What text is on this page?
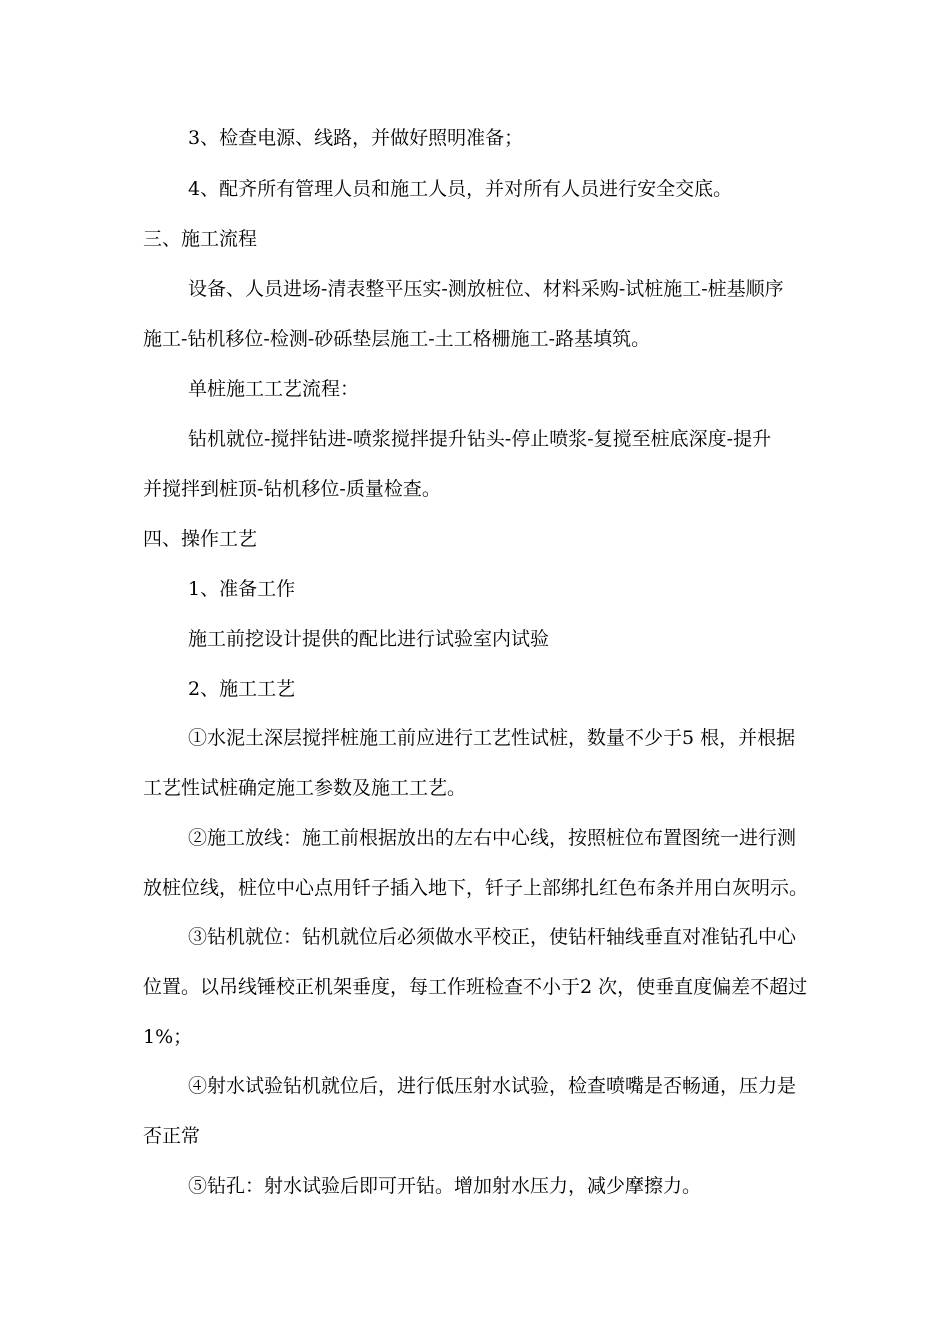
3、检查电源、线路，并做好照明准备；
4、配齐所有管理人员和施工人员，并对所有人员进行安全交底。
三、施工流程
设备、人员进场-清表整平压实-测放桩位、材料采购-试桩施工-桩基顺序
施工-钻机移位-检测-砂砾垫层施工-土工格栅施工-路基填筑。
单桩施工工艺流程：
钻机就位-搅拌钻进-喷浆搅拌提升钻头-停止喷浆-复搅至桩底深度-提升
并搅拌到桩顶-钻机移位-质量检查。
四、操作工艺
1、准备工作
施工前挖设计提供的配比进行试验室内试验
2、施工工艺
①水泥土深层搅拌桩施工前应进行工艺性试桩，数量不少于5 根，并根据
工艺性试桩确定施工参数及施工工艺。
②施工放线：施工前根据放出的左右中心线，按照桩位布置图统一进行测
放桩位线，桩位中心点用钎子插入地下，钎子上部绑扎红色布条并用白灰明示。
③钻机就位：钻机就位后必须做水平校正，使钻杆轴线垂直对准钻孔中心
位置。以吊线锤校正机架垂度，每工作班检查不小于2 次，使垂直度偏差不超过
1%；
④射水试验钻机就位后，进行低压射水试验，检查喷嘴是否畅通，压力是
否正常
⑤钻孔：射水试验后即可开钻。增加射水压力，减少摩擦力。
